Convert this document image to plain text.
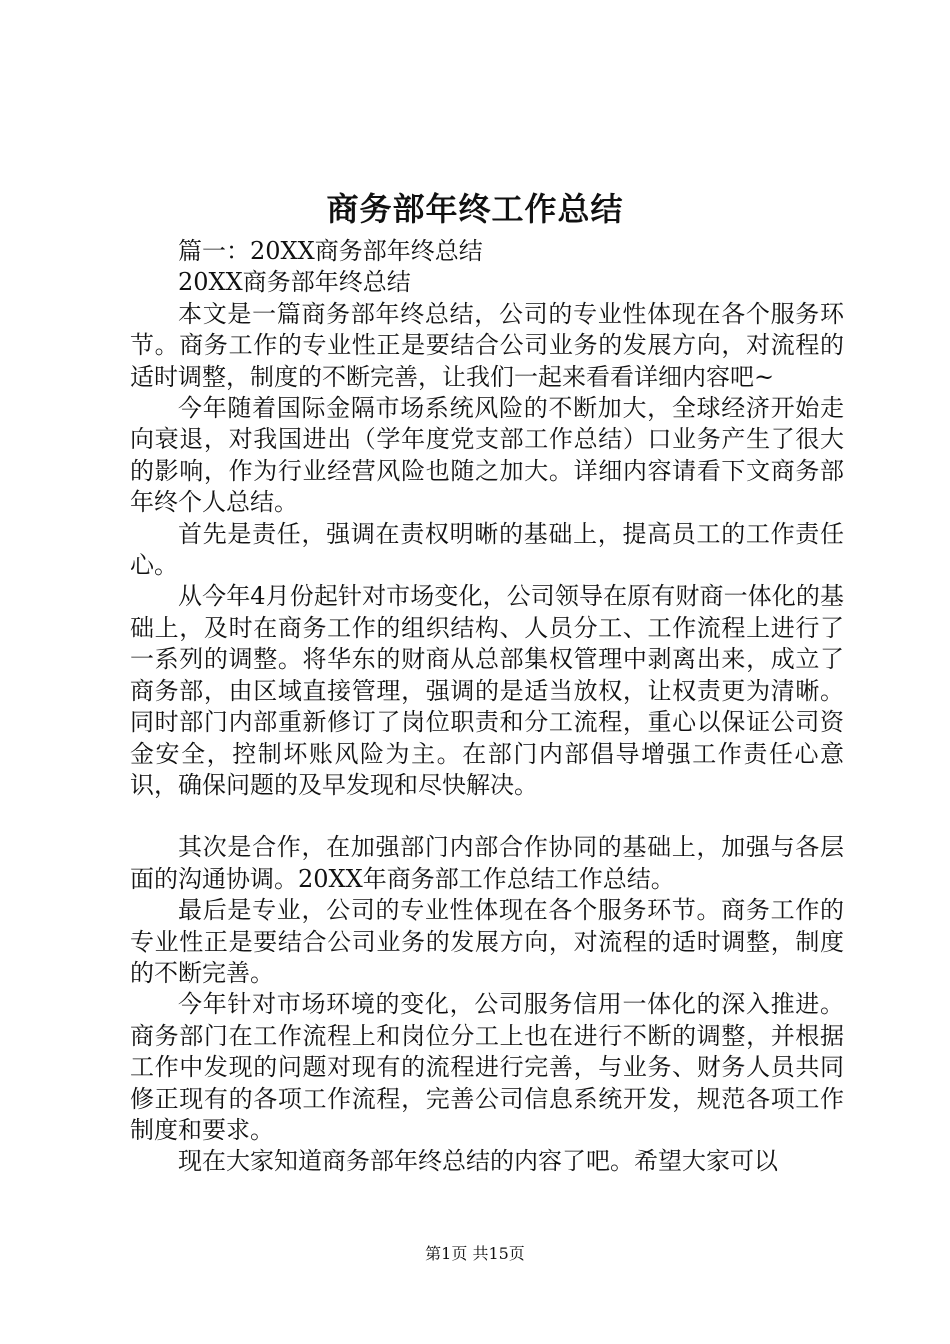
商务部年终工作总结

篇一：20XX商务部年终总结

20XX商务部年终总结

本文是一篇商务部年终总结，公司的专业性体现在各个服务环节。商务工作的专业性正是要结合公司业务的发展方向，对流程的适时调整，制度的不断完善，让我们一起来看看详细内容吧~

今年随着国际金隔市场系统风险的不断加大，全球经济开始走向衰退，对我国进出（学年度党支部工作总结）口业务产生了很大的影响，作为行业经营风险也随之加大。详细内容请看下文商务部年终个人总结。

首先是责任，强调在责权明晰的基础上，提高员工的工作责任心。

从今年4月份起针对市场变化，公司领导在原有财商一体化的基础上，及时在商务工作的组织结构、人员分工、工作流程上进行了一系列的调整。将华东的财商从总部集权管理中剥离出来，成立了商务部，由区域直接管理，强调的是适当放权，让权责更为清晰。同时部门内部重新修订了岗位职责和分工流程，重心以保证公司资金安全，控制坏账风险为主。在部门内部倡导增强工作责任心意识，确保问题的及早发现和尽快解决。

其次是合作，在加强部门内部合作协同的基础上，加强与各层面的沟通协调。20XX年商务部工作总结工作总结。

最后是专业，公司的专业性体现在各个服务环节。商务工作的专业性正是要结合公司业务的发展方向，对流程的适时调整，制度的不断完善。

今年针对市场环境的变化，公司服务信用一体化的深入推进。商务部门在工作流程上和岗位分工上也在进行不断的调整，并根据工作中发现的问题对现有的流程进行完善，与业务、财务人员共同修正现有的各项工作流程，完善公司信息系统开发，规范各项工作制度和要求。

现在大家知道商务部年终总结的内容了吧。希望大家可以

第1页 共15页
